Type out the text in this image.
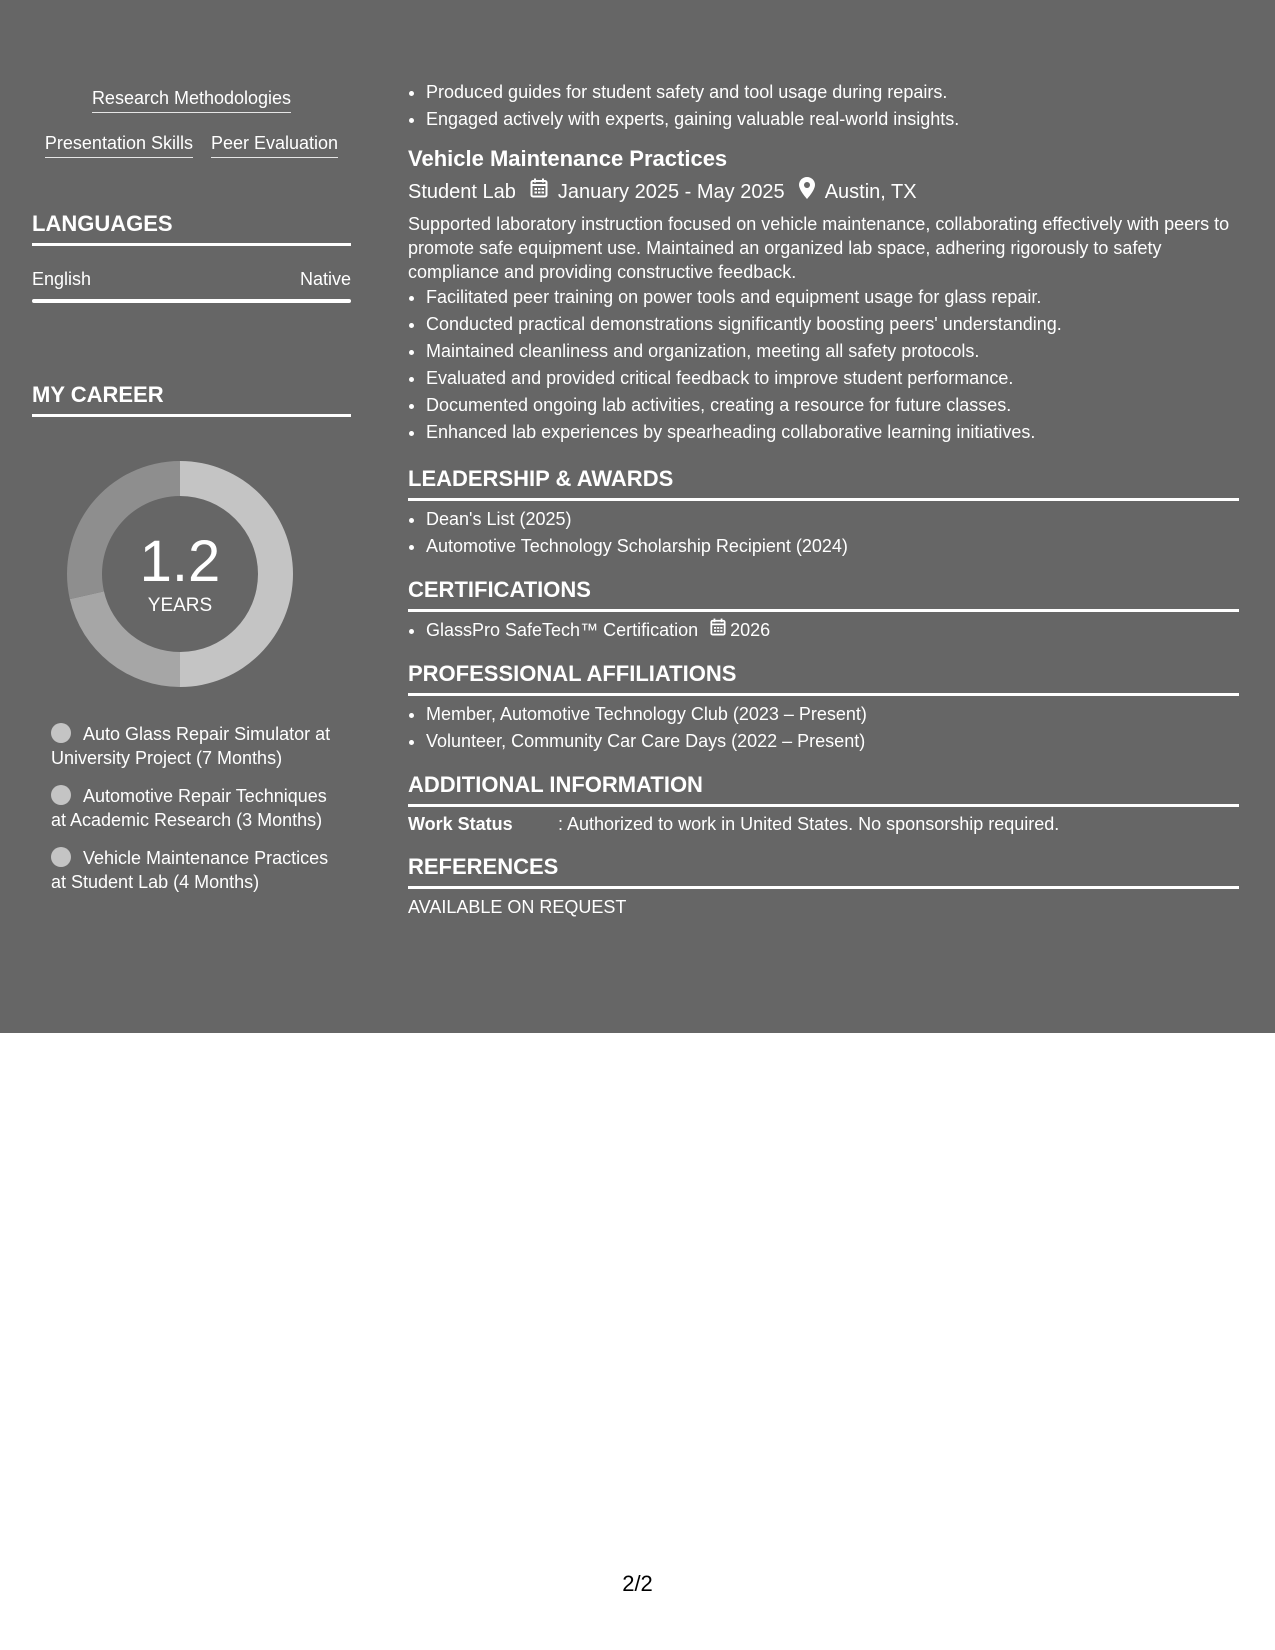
Research Methodologies
Presentation Skills Peer Evaluation
LANGUAGES
English	Native
MY CAREER
1.2
YEARS
Auto Glass Repair Simulator at University Project (7 Months)
Automotive Repair Techniques at Academic Research (3 Months)
Vehicle Maintenance Practices at Student Lab (4 Months)
• Produced guides for student safety and tool usage during repairs.
• Engaged actively with experts, gaining valuable real-world insights.
Vehicle Maintenance Practices
Student Lab January 2025 - May 2025 Austin, TX
Supported laboratory instruction focused on vehicle maintenance, collaborating effectively with peers to promote safe equipment use. Maintained an organized lab space, adhering rigorously to safety compliance and providing constructive feedback.
• Facilitated peer training on power tools and equipment usage for glass repair.
• Conducted practical demonstrations significantly boosting peers' understanding.
• Maintained cleanliness and organization, meeting all safety protocols.
• Evaluated and provided critical feedback to improve student performance.
• Documented ongoing lab activities, creating a resource for future classes.
• Enhanced lab experiences by spearheading collaborative learning initiatives.
LEADERSHIP & AWARDS
• Dean's List (2025)
• Automotive Technology Scholarship Recipient (2024)
CERTIFICATIONS
• GlassPro SafeTech™ Certification 2026
PROFESSIONAL AFFILIATIONS
• Member, Automotive Technology Club (2023 – Present)
• Volunteer, Community Car Care Days (2022 – Present)
ADDITIONAL INFORMATION
Work Status	: Authorized to work in United States. No sponsorship required.
REFERENCES
AVAILABLE ON REQUEST
2/2
